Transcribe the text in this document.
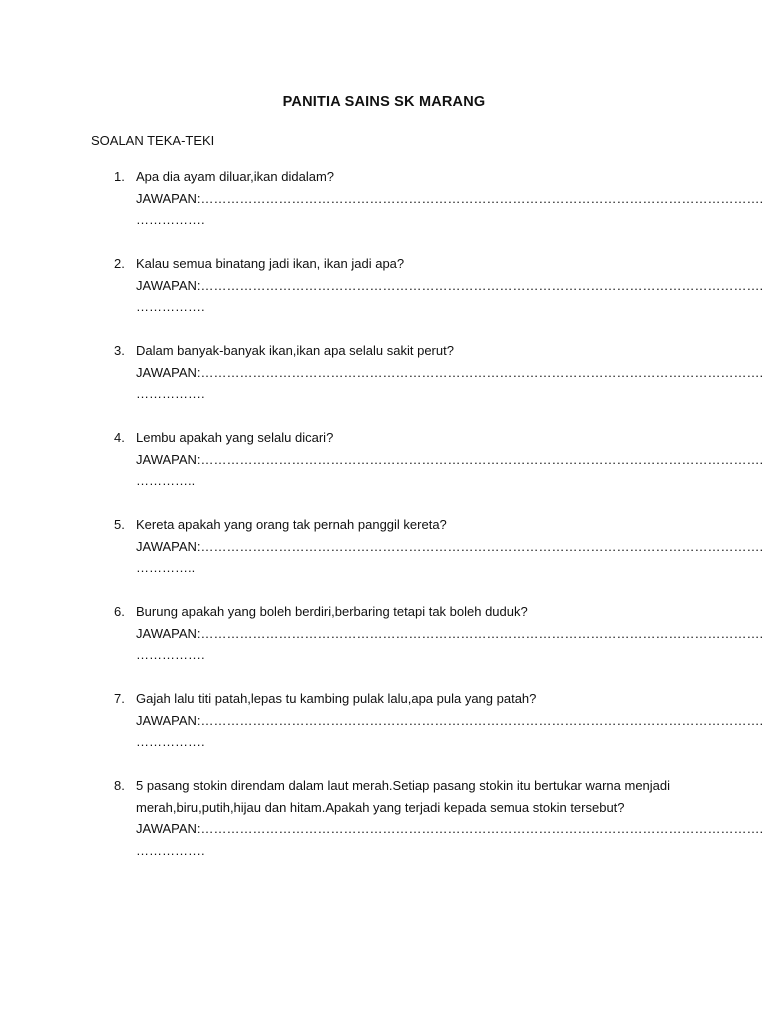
PANITIA SAINS SK MARANG
SOALAN TEKA-TEKI
1. Apa dia ayam diluar,ikan didalam?
JAWAPAN:………………………………………………………………………………………………………………….
…………….
2. Kalau semua binatang jadi ikan, ikan jadi apa?
JAWAPAN:………………………………………………………………………………………………………………….
…………….
3. Dalam banyak-banyak ikan,ikan apa selalu sakit perut?
JAWAPAN:………………………………………………………………………………………………………………….
…………….
4. Lembu apakah yang selalu dicari?
JAWAPAN:………………………………………………………………………………………………………………….
…………..
5. Kereta apakah yang orang tak pernah panggil kereta?
JAWAPAN:………………………………………………………………………………………………………………….
…………..
6. Burung apakah yang boleh berdiri,berbaring tetapi tak boleh duduk?
JAWAPAN:………………………………………………………………………………………………………………….
…………….
7. Gajah lalu titi patah,lepas tu kambing pulak lalu,apa pula yang patah?
JAWAPAN:………………………………………………………………………………………………………………….
…………….
8. 5 pasang stokin direndam dalam laut merah.Setiap pasang stokin itu bertukar warna menjadi merah,biru,putih,hijau dan hitam.Apakah yang terjadi kepada semua stokin tersebut?
JAWAPAN:………………………………………………………………………………………………………………….
…………….
